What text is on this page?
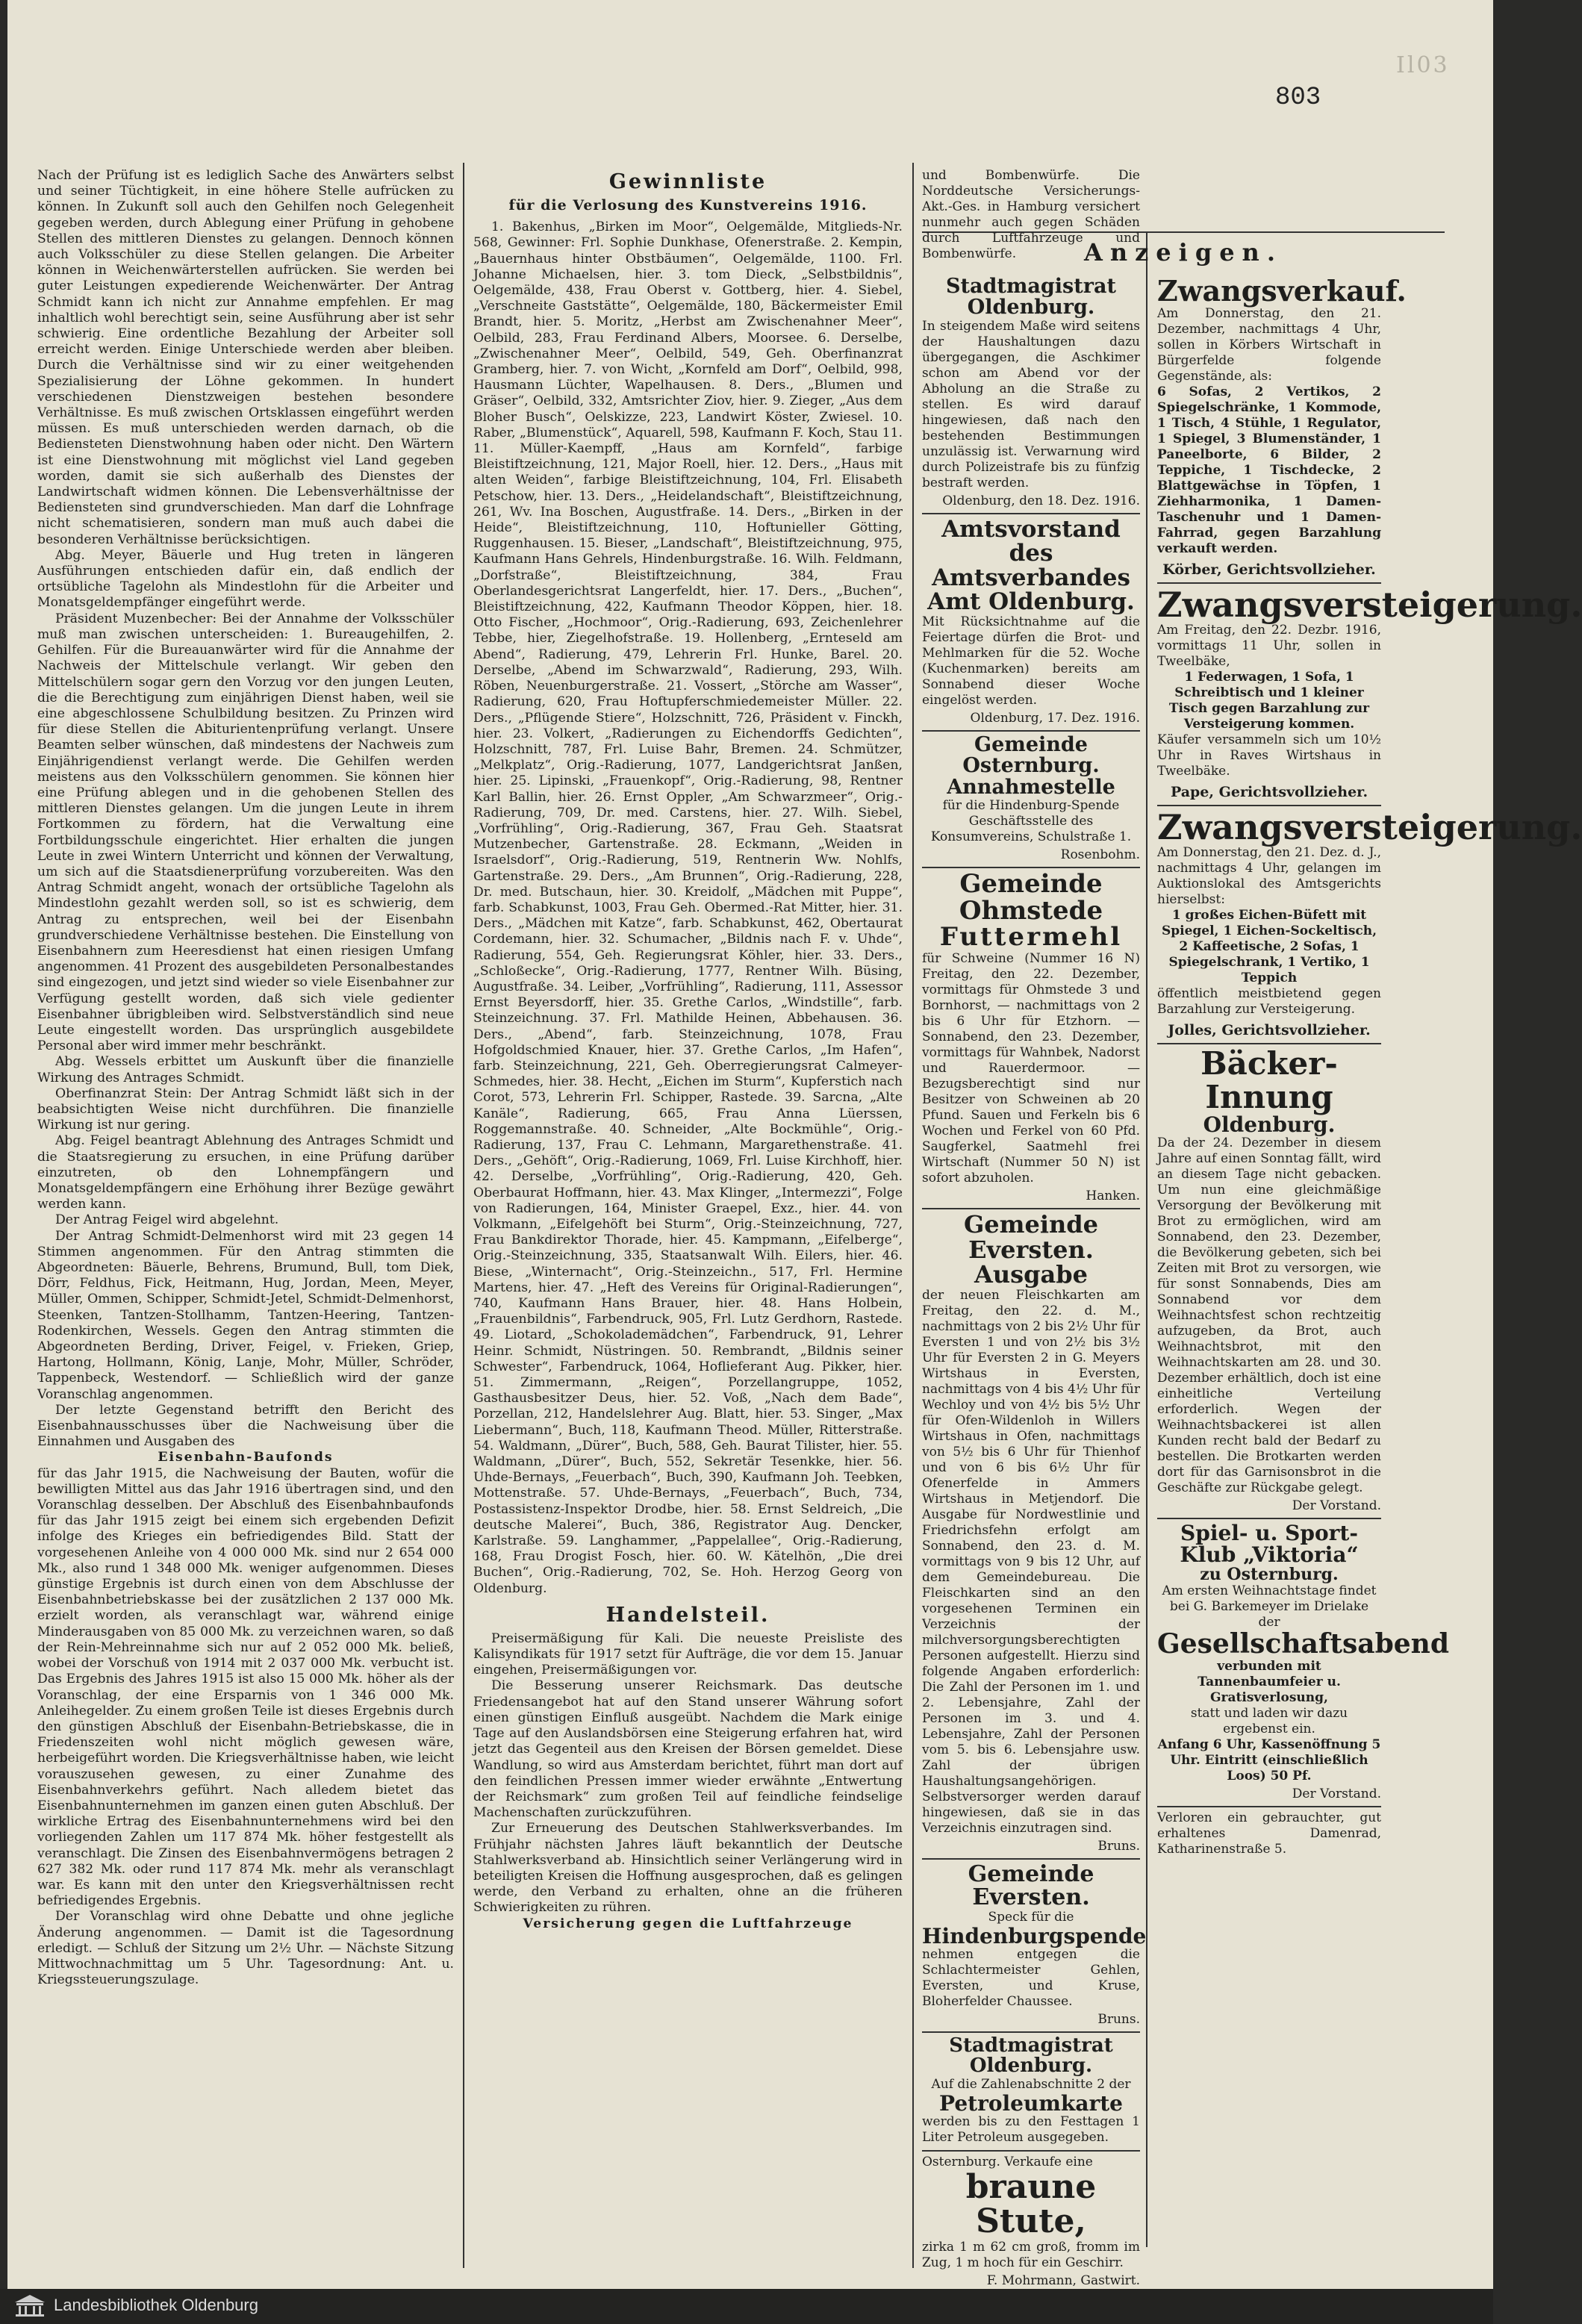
Il03
803

Nach der Prüfung ist es lediglich Sache des Anwärters selbst und seiner Tüchtigkeit, in eine höhere Stelle aufrücken zu können. In Zukunft soll auch den Gehilfen noch Gelegenheit gegeben werden, durch Ablegung einer Prüfung in gehobene Stellen des mittleren Dienstes zu gelangen. Dennoch können auch Volksschüler zu diese Stellen gelangen. Die Arbeiter können in Weichenwärterstellen aufrücken. Sie werden bei guter Leistungen expedierende Weichenwärter. Der Antrag Schmidt kann ich nicht zur Annahme empfehlen. Er mag inhaltlich wohl berechtigt sein, seine Ausführung aber ist sehr schwierig. Eine ordentliche Bezahlung der Arbeiter soll erreicht werden. Einige Unterschiede werden aber bleiben. Durch die Verhältnisse sind wir zu einer weitgehenden Spezialisierung der Löhne gekommen. In hundert verschiedenen Dienstzweigen bestehen besondere Verhältnisse. Es muß zwischen Ortsklassen eingeführt werden müssen. Es muß unterschieden werden darnach, ob die Bediensteten Dienstwohnung haben oder nicht. Den Wärtern ist eine Dienstwohnung mit möglichst viel Land gegeben worden, damit sie sich außerhalb des Dienstes der Landwirtschaft widmen können. Die Lebensverhältnisse der Bediensteten sind grundverschieden. Man darf die Lohnfrage nicht schematisieren, sondern man muß auch dabei die besonderen Verhältnisse berücksichtigen.

Abg. Meyer, Bäuerle und Hug treten in längeren Ausführungen entschieden dafür ein, daß endlich der ortsübliche Tagelohn als Mindestlohn für die Arbeiter und Monatsgeldempfänger eingeführt werde.

Präsident Muzenbecher: Bei der Annahme der Volksschüler muß man zwischen unterscheiden: 1. Bureaugehilfen, 2. Gehilfen. Für die Bureauanwärter wird für die Annahme der Nachweis der Mittelschule verlangt. Wir geben den Mittelschülern sogar gern den Vorzug vor den jungen Leuten, die die Berechtigung zum einjährigen Dienst haben, weil sie eine abgeschlossene Schulbildung besitzen. Zu Prinzen wird für diese Stellen die Abiturientenprüfung verlangt. Unsere Beamten selber wünschen, daß mindestens der Nachweis zum Einjährigendienst verlangt werde. Die Gehilfen werden meistens aus den Volksschülern genommen. Sie können hier eine Prüfung ablegen und in die gehobenen Stellen des mittleren Dienstes gelangen. Um die jungen Leute in ihrem Fortkommen zu fördern, hat die Verwaltung eine Fortbildungsschule eingerichtet. Hier erhalten die jungen Leute in zwei Wintern Unterricht und können der Verwaltung, um sich auf die Staatsdienerprüfung vorzubereiten. Was den Antrag Schmidt angeht, wonach der ortsübliche Tagelohn als Mindestlohn gezahlt werden soll, so ist es schwierig, dem Antrag zu entsprechen, weil bei der Eisenbahn grundverschiedene Verhältnisse bestehen. Die Einstellung von Eisenbahnern zum Heeresdienst hat einen riesigen Umfang angenommen. 41 Prozent des ausgebildeten Personalbestandes sind eingezogen, und jetzt sind wieder so viele Eisenbahner zur Verfügung gestellt worden, daß sich viele gedienter Eisenbahner übrigbleiben wird. Selbstverständlich sind neue Leute eingestellt worden. Das ursprünglich ausgebildete Personal aber wird immer mehr beschränkt.

Abg. Wessels erbittet um Auskunft über die finanzielle Wirkung des Antrages Schmidt.

Oberfinanzrat Stein: Der Antrag Schmidt läßt sich in der beabsichtigten Weise nicht durchführen. Die finanzielle Wirkung ist nur gering.

Abg. Feigel beantragt Ablehnung des Antrages Schmidt und die Staatsregierung zu ersuchen, in eine Prüfung darüber einzutreten, ob den Lohnempfängern und Monatsgeldempfängern eine Erhöhung ihrer Bezüge gewährt werden kann.

Der Antrag Feigel wird abgelehnt.

Der Antrag Schmidt-Delmenhorst wird mit 23 gegen 14 Stimmen angenommen. Für den Antrag stimmten die Abgeordneten: Bäuerle, Behrens, Brumund, Bull, tom Diek, Dörr, Feldhus, Fick, Heitmann, Hug, Jordan, Meen, Meyer, Müller, Ommen, Schipper, Schmidt-Jetel, Schmidt-Delmenhorst, Steenken, Tantzen-Stollhamm, Tantzen-Heering, Tantzen-Rodenkirchen, Wessels. Gegen den Antrag stimmten die Abgeordneten Berding, Driver, Feigel, v. Frieken, Griep, Hartong, Hollmann, König, Lanje, Mohr, Müller, Schröder, Tappenbeck, Westendorf. — Schließlich wird der ganze Voranschlag angenommen.

Der letzte Gegenstand betrifft den Bericht des Eisenbahnausschusses über die Nachweisung über die Einnahmen und Ausgaben des

Eisenbahn-Baufonds

für das Jahr 1915, die Nachweisung der Bauten, wofür die bewilligten Mittel aus das Jahr 1916 übertragen sind, und den Voranschlag desselben. Der Abschluß des Eisenbahnbaufonds für das Jahr 1915 zeigt bei einem sich ergebenden Defizit infolge des Krieges ein befriedigendes Bild. Statt der vorgesehenen Anleihe von 4 000 000 Mk. sind nur 2 654 000 Mk., also rund 1 348 000 Mk. weniger aufgenommen. Dieses günstige Ergebnis ist durch einen von dem Abschlusse der Eisenbahnbetriebskasse bei der zusätzlichen 2 137 000 Mk. erzielt worden, als veranschlagt war, während einige Minderausgaben von 85 000 Mk. zu verzeichnen waren, so daß der Rein-Mehreinnahme sich nur auf 2 052 000 Mk. beließ, wobei der Vorschuß von 1914 mit 2 037 000 Mk. verbucht ist. Das Ergebnis des Jahres 1915 ist also 15 000 Mk. höher als der Voranschlag, der eine Ersparnis von 1 346 000 Mk. Anleihegelder. Zu einem großen Teile ist dieses Ergebnis durch den günstigen Abschluß der Eisenbahn-Betriebskasse, die in Friedenszeiten wohl nicht möglich gewesen wäre, herbeigeführt worden. Die Kriegsverhältnisse haben, wie leicht vorauszusehen gewesen, zu einer Zunahme des Eisenbahnverkehrs geführt. Nach alledem bietet das Eisenbahnunternehmen im ganzen einen guten Abschluß. Der wirkliche Ertrag des Eisenbahnunternehmens wird bei den vorliegenden Zahlen um 117 874 Mk. höher festgestellt als veranschlagt. Die Zinsen des Eisenbahnvermögens betragen 2 627 382 Mk. oder rund 117 874 Mk. mehr als veranschlagt war. Es kann mit den unter den Kriegsverhältnissen recht befriedigendes Ergebnis.

Der Voranschlag wird ohne Debatte und ohne jegliche Änderung angenommen. — Damit ist die Tagesordnung erledigt. — Schluß der Sitzung um 2½ Uhr. — Nächste Sitzung Mittwochnachmittag um 5 Uhr. Tagesordnung: Ant. u. Kriegssteuerungszulage.

Gewinnliste
für die Verlosung des Kunstvereins 1916.

1. Bakenhus, „Birken im Moor“, Oelgemälde, Mitglieds-Nr. 568, Gewinner: Frl. Sophie Dunkhase, Ofenerstraße. 2. Kempin, „Bauernhaus hinter Obstbäumen“, Oelgemälde, 1100. Frl. Johanne Michaelsen, hier. 3. tom Dieck, „Selbstbildnis“, Oelgemälde, 438, Frau Oberst v. Gottberg, hier. 4. Siebel, „Verschneite Gaststätte“, Oelgemälde, 180, Bäckermeister Emil Brandt, hier. 5. Moritz, „Herbst am Zwischenahner Meer“, Oelbild, 283, Frau Ferdinand Albers, Moorsee. 6. Derselbe, „Zwischenahner Meer“, Oelbild, 549, Geh. Oberfinanzrat Gramberg, hier. 7. von Wicht, „Kornfeld am Dorf“, Oelbild, 998, Hausmann Lüchter, Wapelhausen. 8. Ders., „Blumen und Gräser“, Oelbild, 332, Amtsrichter Ziov, hier. 9. Zieger, „Aus dem Bloher Busch“, Oelskizze, 223, Landwirt Köster, Zwiesel. 10. Raber, „Blumenstück“, Aquarell, 598, Kaufmann F. Koch, Stau 11. 11. Müller-Kaempff, „Haus am Kornfeld“, farbige Bleistiftzeichnung, 121, Major Roell, hier. 12. Ders., „Haus mit alten Weiden“, farbige Bleistiftzeichnung, 104, Frl. Elisabeth Petschow, hier. 13. Ders., „Heidelandschaft“, Bleistiftzeichnung, 261, Wv. Ina Boschen, Augustfraße. 14. Ders., „Birken in der Heide“, Bleistiftzeichnung, 110, Hoftunieller Götting, Ruggenhausen. 15. Bieser, „Landschaft“, Bleistiftzeichnung, 975, Kaufmann Hans Gehrels, Hindenburgstraße. 16. Wilh. Feldmann, „Dorfstraße“, Bleistiftzeichnung, 384, Frau Oberlandesgerichtsrat Langerfeldt, hier. 17. Ders., „Buchen“, Bleistiftzeichnung, 422, Kaufmann Theodor Köppen, hier. 18. Otto Fischer, „Hochmoor“, Orig.-Radierung, 693, Zeichenlehrer Tebbe, hier, Ziegelhofstraße. 19. Hollenberg, „Ernteseld am Abend“, Radierung, 479, Lehrerin Frl. Hunke, Barel. 20. Derselbe, „Abend im Schwarzwald“, Radierung, 293, Wilh. Röben, Neuenburgerstraße. 21. Vossert, „Störche am Wasser“, Radierung, 620, Frau Hoftupferschmiedemeister Müller. 22. Ders., „Pflügende Stiere“, Holzschnitt, 726, Präsident v. Finckh, hier. 23. Volkert, „Radierungen zu Eichendorffs Gedichten“, Holzschnitt, 787, Frl. Luise Bahr, Bremen. 24. Schmützer, „Melkplatz“, Orig.-Radierung, 1077, Landgerichtsrat Janßen, hier. 25. Lipinski, „Frauenkopf“, Orig.-Radierung, 98, Rentner Karl Ballin, hier. 26. Ernst Oppler, „Am Schwarzmeer“, Orig.-Radierung, 709, Dr. med. Carstens, hier. 27. Wilh. Siebel, „Vorfrühling“, Orig.-Radierung, 367, Frau Geh. Staatsrat Mutzenbecher, Gartenstraße. 28. Eckmann, „Weiden in Israelsdorf“, Orig.-Radierung, 519, Rentnerin Ww. Nohlfs, Gartenstraße. 29. Ders., „Am Brunnen“, Orig.-Radierung, 228, Dr. med. Butschaun, hier. 30. Kreidolf, „Mädchen mit Puppe“, farb. Schabkunst, 1003, Frau Geh. Obermed.-Rat Mitter, hier. 31. Ders., „Mädchen mit Katze“, farb. Schabkunst, 462, Obertaurat Cordemann, hier. 32. Schumacher, „Bildnis nach F. v. Uhde“, Radierung, 554, Geh. Regierungsrat Köhler, hier. 33. Ders., „Schloßecke“, Orig.-Radierung, 1777, Rentner Wilh. Büsing, Augustfraße. 34. Leiber, „Vorfrühling“, Radierung, 111, Assessor Ernst Beyersdorff, hier. 35. Grethe Carlos, „Windstille“, farb. Steinzeichnung. 37. Frl. Mathilde Heinen, Abbehausen. 36. Ders., „Abend“, farb. Steinzeichnung, 1078, Frau Hofgoldschmied Knauer, hier. 37. Grethe Carlos, „Im Hafen“, farb. Steinzeichnung, 221, Geh. Oberregierungsrat Calmeyer-Schmedes, hier. 38. Hecht, „Eichen im Sturm“, Kupferstich nach Corot, 573, Lehrerin Frl. Schipper, Rastede. 39. Sarcna, „Alte Kanäle“, Radierung, 665, Frau Anna Lüerssen, Roggemannstraße. 40. Schneider, „Alte Bockmühle“, Orig.-Radierung, 137, Frau C. Lehmann, Margarethenstraße. 41. Ders., „Gehöft“, Orig.-Radierung, 1069, Frl. Luise Kirchhoff, hier. 42. Derselbe, „Vorfrühling“, Orig.-Radierung, 420, Geh. Oberbaurat Hoffmann, hier. 43. Max Klinger, „Intermezzi“, Folge von Radierungen, 164, Minister Graepel, Exz., hier. 44. von Volkmann, „Eifelgehöft bei Sturm“, Orig.-Steinzeichnung, 727, Frau Bankdirektor Thorade, hier. 45. Kampmann, „Eifelberge“, Orig.-Steinzeichnung, 335, Staatsanwalt Wilh. Eilers, hier. 46. Biese, „Winternacht“, Orig.-Steinzeichn., 517, Frl. Hermine Martens, hier. 47. „Heft des Vereins für Original-Radierungen“, 740, Kaufmann Hans Brauer, hier. 48. Hans Holbein, „Frauenbildnis“, Farbendruck, 905, Frl. Lutz Gerdhorn, Rastede. 49. Liotard, „Schokolademädchen“, Farbendruck, 91, Lehrer Heinr. Schmidt, Nüstringen. 50. Rembrandt, „Bildnis seiner Schwester“, Farbendruck, 1064, Hoflieferant Aug. Pikker, hier. 51. Zimmermann, „Reigen“, Porzellangruppe, 1052, Gasthausbesitzer Deus, hier. 52. Voß, „Nach dem Bade“, Porzellan, 212, Handelslehrer Aug. Blatt, hier. 53. Singer, „Max Liebermann“, Buch, 118, Kaufmann Theod. Müller, Ritterstraße. 54. Waldmann, „Dürer“, Buch, 588, Geh. Baurat Tilister, hier. 55. Waldmann, „Dürer“, Buch, 552, Sekretär Tesenkke, hier. 56. Uhde-Bernays, „Feuerbach“, Buch, 390, Kaufmann Joh. Teebken, Mottenstraße. 57. Uhde-Bernays, „Feuerbach“, Buch, 734, Postassistenz-Inspektor Drodbe, hier. 58. Ernst Seldreich, „Die deutsche Malerei“, Buch, 386, Registrator Aug. Dencker, Karlstraße. 59. Langhammer, „Pappelallee“, Orig.-Radierung, 168, Frau Drogist Fosch, hier. 60. W. Kätelhön, „Die drei Buchen“, Orig.-Radierung, 702, Se. Hoh. Herzog Georg von Oldenburg.

Handelsteil.

Preisermäßigung für Kali. Die neueste Preisliste des Kalisyndikats für 1917 setzt für Aufträge, die vor dem 15. Januar eingehen, Preisermäßigungen vor.

Die Besserung unserer Reichsmark. Das deutsche Friedensangebot hat auf den Stand unserer Währung sofort einen günstigen Einfluß ausgeübt. Nachdem die Mark einige Tage auf den Auslandsbörsen eine Steigerung erfahren hat, wird jetzt das Gegenteil aus den Kreisen der Börsen gemeldet. Diese Wandlung, so wird aus Amsterdam berichtet, führt man dort auf den feindlichen Pressen immer wieder erwähnte „Entwertung der Reichsmark“ zum großen Teil auf feindliche feindselige Machenschaften zurückzuführen.

Zur Erneuerung des Deutschen Stahlwerksverbandes. Im Frühjahr nächsten Jahres läuft bekanntlich der Deutsche Stahlwerksverband ab. Hinsichtlich seiner Verlängerung wird in beteiligten Kreisen die Hoffnung ausgesprochen, daß es gelingen werde, den Verband zu erhalten, ohne an die früheren Schwierigkeiten zu rühren.

Versicherung gegen die Luftfahrzeuge

und Bombenwürfe. Die Norddeutsche Versicherungs-Akt.-Ges. in Hamburg versichert nunmehr auch gegen Schäden durch Luftfahrzeuge und Bombenwürfe.	Anzeigen.
Stadtmagistrat Oldenburg.
In steigendem Maße wird seitens der Haushaltungen dazu übergegangen, die Aschkimer schon am Abend vor der Abholung an die Straße zu stellen. Es wird darauf hingewiesen, daß nach den bestehenden Bestimmungen unzulässig ist. Verwarnung wird durch Polizeistrafe bis zu fünfzig bestraft werden.
Oldenburg, den 18. Dez. 1916.
Amtsvorstand des Amtsverbandes Amt Oldenburg.
Mit Rücksichtnahme auf die Feiertage dürfen die Brot- und Mehlmarken für die 52. Woche (Kuchenmarken) bereits am Sonnabend dieser Woche eingelöst werden.
Oldenburg, 17. Dez. 1916.
Gemeinde Osternburg. Annahmestelle
für die Hindenburg-Spende Geschäftsstelle des Konsumvereins, Schulstraße 1.
Rosenbohm.
Gemeinde Ohmstede
Futtermehl
für Schweine (Nummer 16 N) Freitag, den 22. Dezember, vormittags für Ohmstede 3 und Bornhorst, — nachmittags von 2 bis 6 Uhr für Etzhorn. — Sonnabend, den 23. Dezember, vormittags für Wahnbek, Nadorst und Rauerdermoor. — Bezugsberechtigt sind nur Besitzer von Schweinen ab 20 Pfund. Sauen und Ferkeln bis 6 Wochen und Ferkel von 60 Pfd. Saugferkel, Saatmehl frei Wirtschaft (Nummer 50 N) ist sofort abzuholen.
Hanken.
Gemeinde Eversten. Ausgabe
der neuen Fleischkarten am Freitag, den 22. d. M., nachmittags von 2 bis 2½ Uhr für Eversten 1 und von 2½ bis 3½ Uhr für Eversten 2 in G. Meyers Wirtshaus in Eversten, nachmittags von 4 bis 4½ Uhr für Wechloy und von 4½ bis 5½ Uhr für Ofen-Wildenloh in Willers Wirtshaus in Ofen, nachmittags von 5½ bis 6 Uhr für Thienhof und von 6 bis 6½ Uhr für Ofenerfelde in Ammers Wirtshaus in Metjendorf. Die Ausgabe für Nordwestlinie und Friedrichsfehn erfolgt am Sonnabend, den 23. d. M. vormittags von 9 bis 12 Uhr, auf dem Gemeindebureau. Die Fleischkarten sind an den vorgesehenen Terminen ein Verzeichnis der milchversorgungsberechtigten Personen aufgestellt. Hierzu sind folgende Angaben erforderlich: Die Zahl der Personen im 1. und 2. Lebensjahre, Zahl der Personen im 3. und 4. Lebensjahre, Zahl der Personen vom 5. bis 6. Lebensjahre usw. Zahl der übrigen Haushaltungsangehörigen. Selbstversorger werden darauf hingewiesen, daß sie in das Verzeichnis einzutragen sind.
Bruns.
Gemeinde Eversten.
Speck für die
Hindenburgspende
nehmen entgegen die Schlachtermeister Gehlen, Eversten, und Kruse, Bloherfelder Chaussee.
Bruns.
Stadtmagistrat Oldenburg.
Auf die Zahlenabschnitte 2 der
Petroleumkarte
werden bis zu den Festtagen 1 Liter Petroleum ausgegeben.
Osternburg. Verkaufe eine
braune Stute,
zirka 1 m 62 cm groß, fromm im Zug, 1 m hoch für ein Geschirr.
F. Mohrmann, Gastwirt.
Zwangsverkauf.
Am Donnerstag, den 21. Dezember, nachmittags 4 Uhr, sollen in Körbers Wirtschaft in Bürgerfelde folgende Gegenstände, als:
6 Sofas, 2 Vertikos, 2 Spiegelschränke, 1 Kommode, 1 Tisch, 4 Stühle, 1 Regulator, 1 Spiegel, 3 Blumenständer, 1 Paneelborte, 6 Bilder, 2 Teppiche, 1 Tischdecke, 2 Blattgewächse in Töpfen, 1 Ziehharmonika, 1 Damen-Taschenuhr und 1 Damen-Fahrrad, gegen Barzahlung verkauft werden.
Körber, Gerichtsvollzieher.
Zwangsversteigerung.
Am Freitag, den 22. Dezbr. 1916, vormittags 11 Uhr, sollen in Tweelbäke,
1 Federwagen, 1 Sofa, 1 Schreibtisch und 1 kleiner Tisch gegen Barzahlung zur Versteigerung kommen.
Käufer versammeln sich um 10½ Uhr in Raves Wirtshaus in Tweelbäke.
Pape, Gerichtsvollzieher.
Zwangsversteigerung.
Am Donnerstag, den 21. Dez. d. J., nachmittags 4 Uhr, gelangen im Auktionslokal des Amtsgerichts hierselbst:
1 großes Eichen-Büfett mit Spiegel, 1 Eichen-Sockeltisch, 2 Kaffeetische, 2 Sofas, 1 Spiegelschrank, 1 Vertiko, 1 Teppich
öffentlich meistbietend gegen Barzahlung zur Versteigerung.
Jolles, Gerichtsvollzieher.
Bäcker-Innung
Oldenburg.
Da der 24. Dezember in diesem Jahre auf einen Sonntag fällt, wird an diesem Tage nicht gebacken. Um nun eine gleichmäßige Versorgung der Bevölkerung mit Brot zu ermöglichen, wird am Sonnabend, den 23. Dezember, die Bevölkerung gebeten, sich bei Zeiten mit Brot zu versorgen, wie für sonst Sonnabends, Dies am Sonnabend vor dem Weihnachtsfest schon rechtzeitig aufzugeben, da Brot, auch Weihnachtsbrot, mit den Weihnachtskarten am 28. und 30. Dezember erhältlich, doch ist eine einheitliche Verteilung erforderlich. Wegen der Weihnachtsbackerei ist allen Kunden recht bald der Bedarf zu bestellen. Die Brotkarten werden dort für das Garnisonsbrot in die Geschäfte zur Rückgabe gelegt.
Der Vorstand.
Spiel- u. Sport-Klub „Viktoria“
zu Osternburg.
Am ersten Weihnachtstage findet bei G. Barkemeyer im Drielake der
Gesellschaftsabend
verbunden mit Tannenbaumfeier u. Gratisverlosung,
statt und laden wir dazu ergebenst ein.
Anfang 6 Uhr, Kassenöffnung 5 Uhr. Eintritt (einschließlich Loos) 50 Pf.
Der Vorstand.
Verloren ein gebrauchter, gut erhaltenes Damenrad, Katharinenstraße 5.
Landesbibliothek Oldenburg
